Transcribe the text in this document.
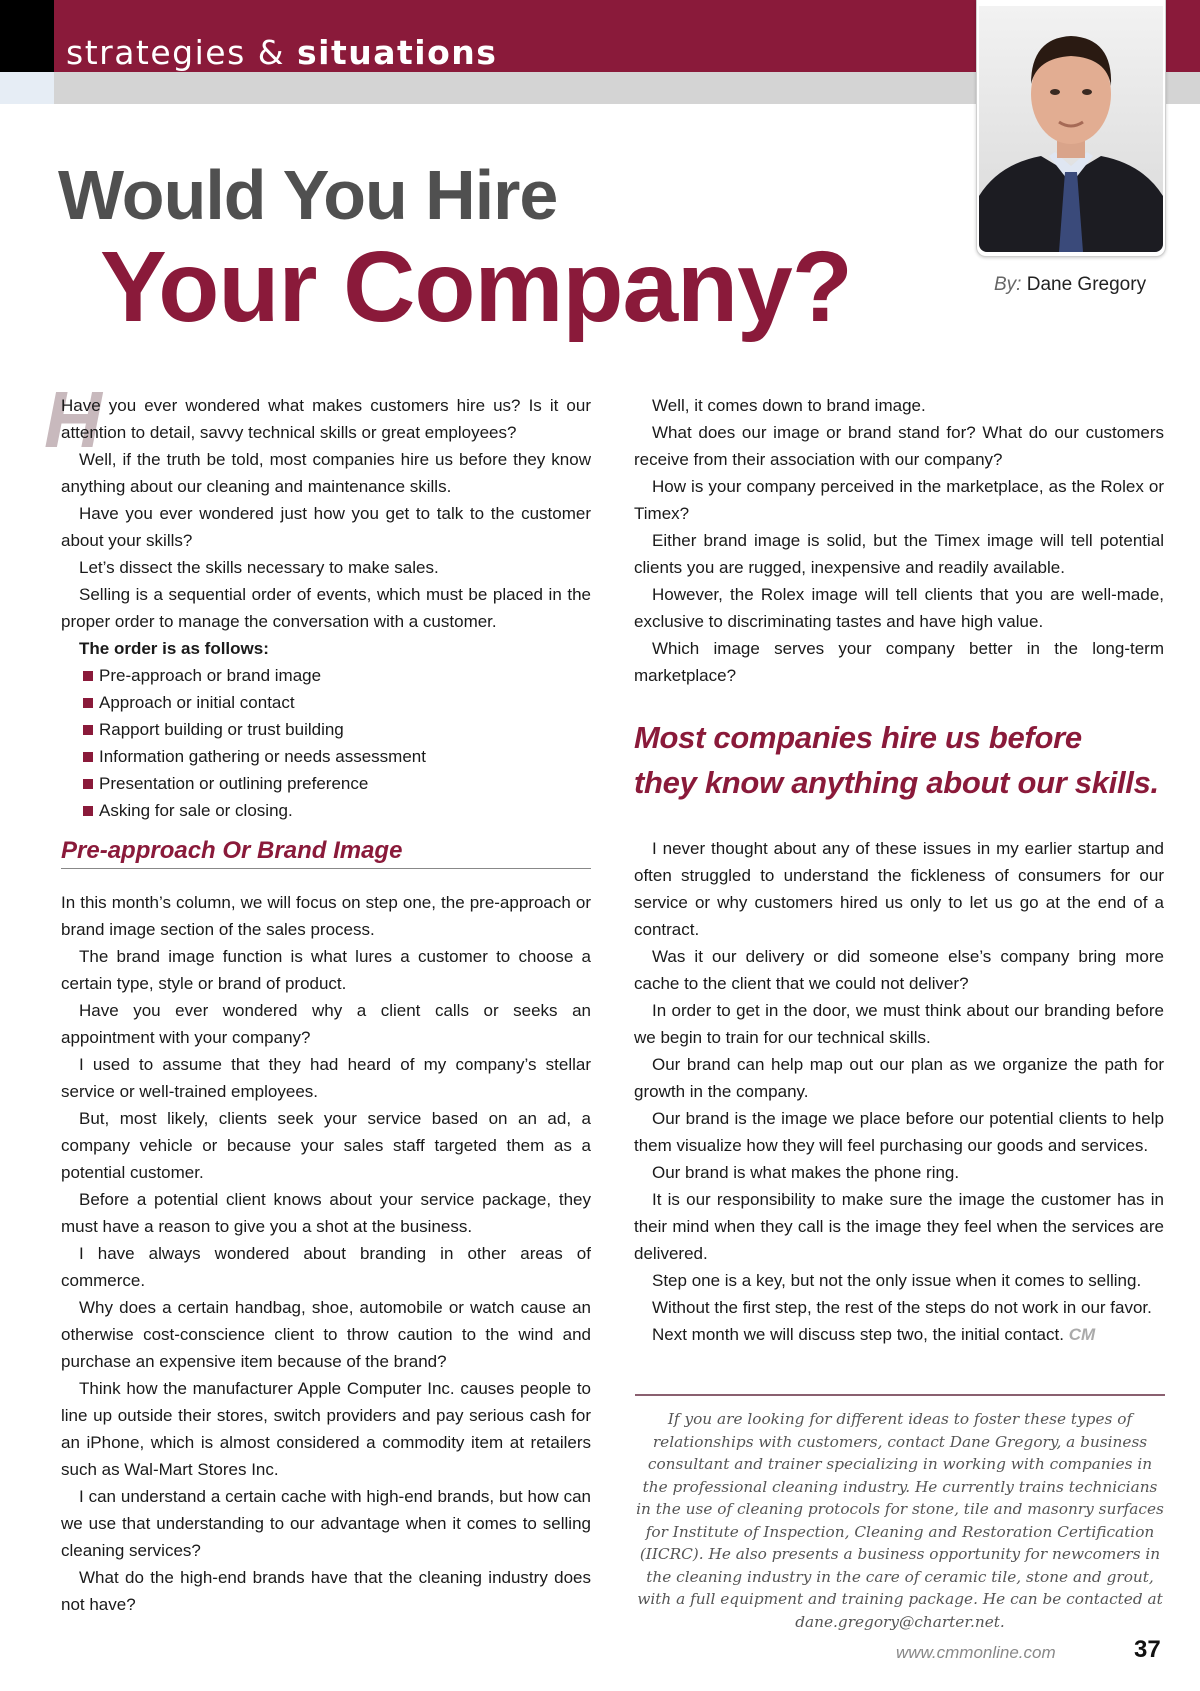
strategies & situations
By: Dane Gregory
Would You Hire
Your Company?
H

Have you ever wondered what makes customers hire us? Is it our attention to detail, savvy technical skills or great employees?

Well, if the truth be told, most companies hire us before they know anything about our cleaning and maintenance skills.

Have you ever wondered just how you get to talk to the customer about your skills?

Let’s dissect the skills necessary to make sales.

Selling is a sequential order of events, which must be placed in the proper order to manage the conversation with a customer.

The order is as follows:

Pre-approach or brand image
Approach or initial contact
Rapport building or trust building
Information gathering or needs assessment
Presentation or outlining preference
Asking for sale or closing.
Pre-approach Or Brand Image

In this month’s column, we will focus on step one, the pre-approach or brand image section of the sales process.

The brand image function is what lures a customer to choose a certain type, style or brand of product.

Have you ever wondered why a client calls or seeks an appointment with your company?

I used to assume that they had heard of my company’s stellar service or well-trained employees.

But, most likely, clients seek your service based on an ad, a company vehicle or because your sales staff targeted them as a potential customer.

Before a potential client knows about your service package, they must have a reason to give you a shot at the business.

I have always wondered about branding in other areas of commerce.

Why does a certain handbag, shoe, automobile or watch cause an otherwise cost-conscience client to throw caution to the wind and purchase an expensive item because of the brand?

Think how the manufacturer Apple Computer Inc. causes people to line up outside their stores, switch providers and pay serious cash for an iPhone, which is almost considered a commodity item at retailers such as Wal-Mart Stores Inc.

I can understand a certain cache with high-end brands, but how can we use that understanding to our advantage when it comes to selling cleaning services?

What do the high-end brands have that the cleaning industry does not have?

Well, it comes down to brand image.

What does our image or brand stand for? What do our customers receive from their association with our company?

How is your company perceived in the marketplace, as the Rolex or Timex?

Either brand image is solid, but the Timex image will tell potential clients you are rugged, inexpensive and readily available.

However, the Rolex image will tell clients that you are well-made, exclusive to discriminating tastes and have high value.

Which image serves your company better in the long-term marketplace?

Most companies hire us before
they know anything about our skills.

I never thought about any of these issues in my earlier startup and often struggled to understand the fickleness of consumers for our service or why customers hired us only to let us go at the end of a contract.

Was it our delivery or did someone else’s company bring more cache to the client that we could not deliver?

In order to get in the door, we must think about our branding before we begin to train for our technical skills.

Our brand can help map out our plan as we organize the path for growth in the company.

Our brand is the image we place before our potential clients to help them visualize how they will feel purchasing our goods and services.

Our brand is what makes the phone ring.

It is our responsibility to make sure the image the customer has in their mind when they call is the image they feel when the services are delivered.

Step one is a key, but not the only issue when it comes to selling.

Without the first step, the rest of the steps do not work in our favor.

Next month we will discuss step two, the initial contact. CM

If you are looking for different ideas to foster these types of relationships with customers, contact Dane Gregory, a business consultant and trainer specializing in working with companies in the professional cleaning industry. He currently trains technicians in the use of cleaning protocols for stone, tile and masonry surfaces for Institute of Inspection, Cleaning and Restoration Certification (IICRC). He also presents a business opportunity for newcomers in the cleaning industry in the care of ceramic tile, stone and grout, with a full equipment and training package. He can be contacted at dane.gregory@charter.net.
www.cmmonline.com	37
